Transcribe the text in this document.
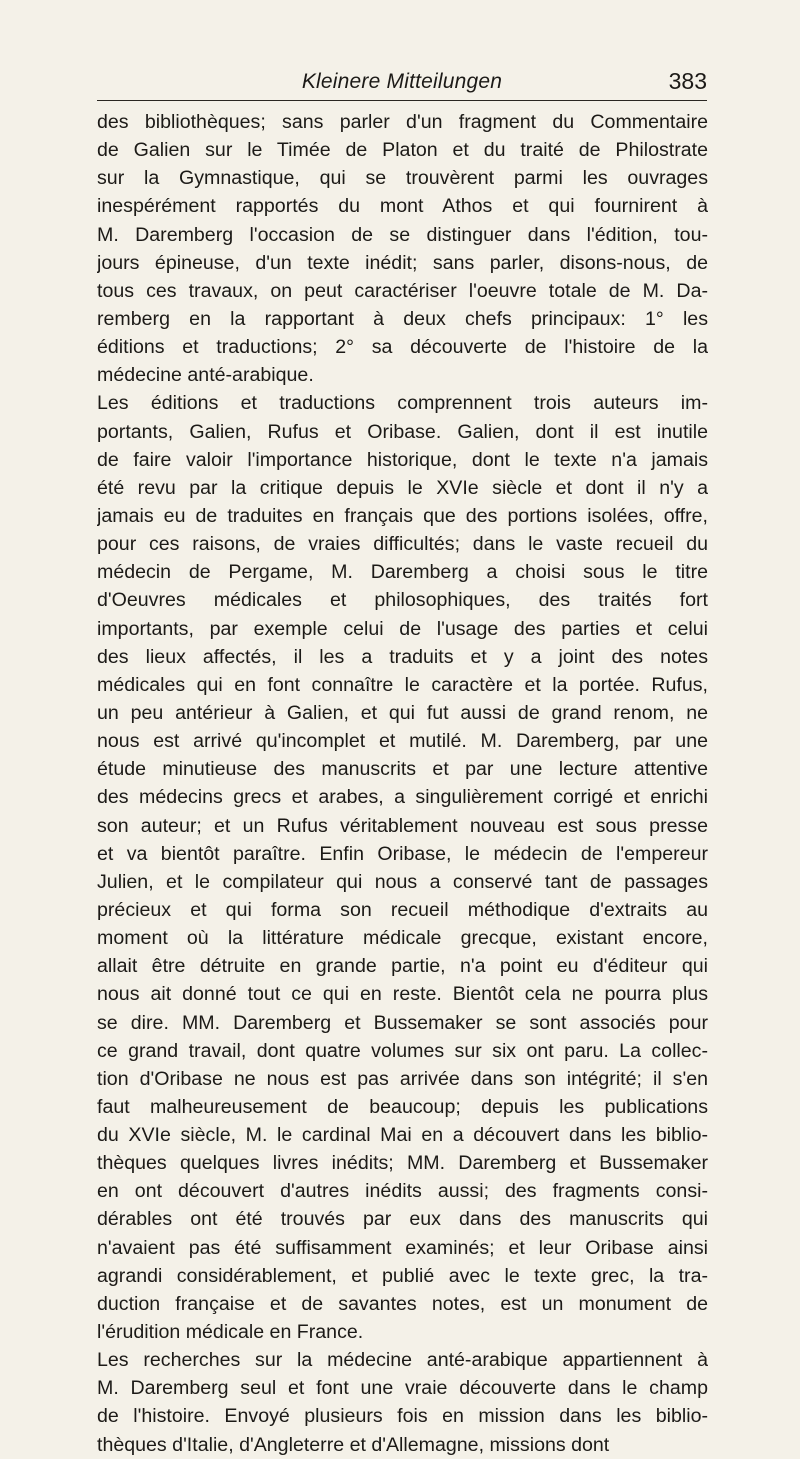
Kleinere Mitteilungen	383
des bibliothèques; sans parler d'un fragment du Commentaire
de Galien sur le Timée de Platon et du traité de Philostrate
sur la Gymnastique, qui se trouvèrent parmi les ouvrages
inespérément rapportés du mont Athos et qui fournirent à
M. Daremberg l'occasion de se distinguer dans l'édition, tou-
jours épineuse, d'un texte inédit; sans parler, disons-nous, de
tous ces travaux, on peut caractériser l'oeuvre totale de M. Da-
remberg en la rapportant à deux chefs principaux: 1° les
éditions et traductions; 2° sa découverte de l'histoire de la
médecine anté-arabique.
Les éditions et traductions comprennent trois auteurs im-
portants, Galien, Rufus et Oribase. Galien, dont il est inutile
de faire valoir l'importance historique, dont le texte n'a jamais
été revu par la critique depuis le XVIe siècle et dont il n'y a
jamais eu de traduites en français que des portions isolées, offre,
pour ces raisons, de vraies difficultés; dans le vaste recueil du
médecin de Pergame, M. Daremberg a choisi sous le titre
d'Oeuvres médicales et philosophiques, des traités fort
importants, par exemple celui de l'usage des parties et celui
des lieux affectés, il les a traduits et y a joint des notes
médicales qui en font connaître le caractère et la portée. Rufus,
un peu antérieur à Galien, et qui fut aussi de grand renom, ne
nous est arrivé qu'incomplet et mutilé. M. Daremberg, par une
étude minutieuse des manuscrits et par une lecture attentive
des médecins grecs et arabes, a singulièrement corrigé et enrichi
son auteur; et un Rufus véritablement nouveau est sous presse
et va bientôt paraître. Enfin Oribase, le médecin de l'empereur
Julien, et le compilateur qui nous a conservé tant de passages
précieux et qui forma son recueil méthodique d'extraits au
moment où la littérature médicale grecque, existant encore,
allait être détruite en grande partie, n'a point eu d'éditeur qui
nous ait donné tout ce qui en reste. Bientôt cela ne pourra plus
se dire. MM. Daremberg et Bussemaker se sont associés pour
ce grand travail, dont quatre volumes sur six ont paru. La collec-
tion d'Oribase ne nous est pas arrivée dans son intégrité; il s'en
faut malheureusement de beaucoup; depuis les publications
du XVIe siècle, M. le cardinal Mai en a découvert dans les biblio-
thèques quelques livres inédits; MM. Daremberg et Bussemaker
en ont découvert d'autres inédits aussi; des fragments consi-
dérables ont été trouvés par eux dans des manuscrits qui
n'avaient pas été suffisamment examinés; et leur Oribase ainsi
agrandi considérablement, et publié avec le texte grec, la tra-
duction française et de savantes notes, est un monument de
l'érudition médicale en France.
Les recherches sur la médecine anté-arabique appartiennent à
M. Daremberg seul et font une vraie découverte dans le champ
de l'histoire. Envoyé plusieurs fois en mission dans les biblio-
thèques d'Italie, d'Angleterre et d'Allemagne, missions dont
